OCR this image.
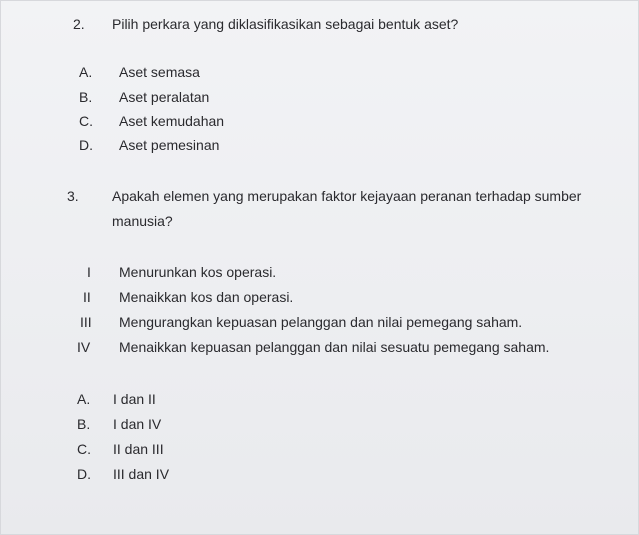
2. Pilih perkara yang diklasifikasikan sebagai bentuk aset?
A. Aset semasa
B. Aset peralatan
C. Aset kemudahan
D. Aset pemesinan
3. Apakah elemen yang merupakan faktor kejayaan peranan terhadap sumber
manusia?
I Menurunkan kos operasi.
II Menaikkan kos dan operasi.
III Mengurangkan kepuasan pelanggan dan nilai pemegang saham.
IV Menaikkan kepuasan pelanggan dan nilai sesuatu pemegang saham.
A. I dan II
B. I dan IV
C. II dan III
D. III dan IV
